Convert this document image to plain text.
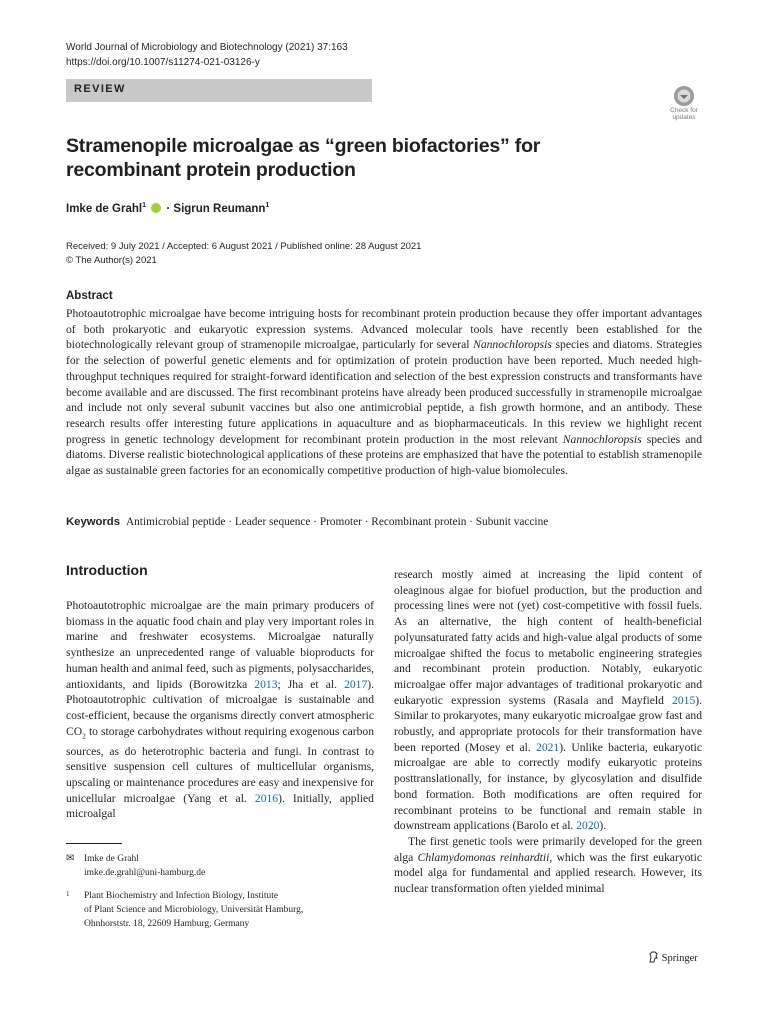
World Journal of Microbiology and Biotechnology (2021) 37:163
https://doi.org/10.1007/s11274-021-03126-y
REVIEW
Check for
updates
Stramenopile microalgae as “green biofactories” for recombinant protein production
Imke de Grahl$^1$  · Sigrun Reumann$^1$
Received: 9 July 2021 / Accepted: 6 August 2021 / Published online: 28 August 2021
© The Author(s) 2021
Abstract
Photoautotrophic microalgae have become intriguing hosts for recombinant protein production because they offer important advantages of both prokaryotic and eukaryotic expression systems. Advanced molecular tools have recently been established for the biotechnologically relevant group of stramenopile microalgae, particularly for several Nannochloropsis species and diatoms. Strategies for the selection of powerful genetic elements and for optimization of protein production have been reported. Much needed high-throughput techniques required for straight-forward identification and selection of the best expression constructs and transformants have become available and are discussed. The first recombinant proteins have already been produced successfully in stramenopile microalgae and include not only several subunit vaccines but also one antimicrobial peptide, a fish growth hormone, and an antibody. These research results offer interesting future applications in aquaculture and as biopharmaceuticals. In this review we highlight recent progress in genetic technology development for recombinant protein production in the most relevant Nannochloropsis species and diatoms. Diverse realistic biotechnological applications of these proteins are emphasized that have the potential to establish stramenopile algae as sustainable green factories for an economically competitive production of high-value biomolecules.
Keywords Antimicrobial peptide · Leader sequence · Promoter · Recombinant protein · Subunit vaccine
Introduction
Photoautotrophic microalgae are the main primary producers of biomass in the aquatic food chain and play very important roles in marine and freshwater ecosystems. Microalgae naturally synthesize an unprecedented range of valuable bioproducts for human health and animal feed, such as pigments, polysaccharides, antioxidants, and lipids (Borowitzka 2013; Jha et al. 2017). Photoautotrophic cultivation of microalgae is sustainable and cost-efficient, because the organisms directly convert atmospheric $CO_2$ to storage carbohydrates without requiring exogenous carbon sources, as do heterotrophic bacteria and fungi. In contrast to sensitive suspension cell cultures of multicellular organisms, upscaling or maintenance procedures are easy and inexpensive for unicellular microalgae (Yang et al. 2016). Initially, applied microalgal
research mostly aimed at increasing the lipid content of oleaginous algae for biofuel production, but the production and processing lines were not (yet) cost-competitive with fossil fuels. As an alternative, the high content of health-beneficial polyunsaturated fatty acids and high-value algal products of some microalgae shifted the focus to metabolic engineering strategies and recombinant protein production. Notably, eukaryotic microalgae offer major advantages of traditional prokaryotic and eukaryotic expression systems (Rasala and Mayfield 2015). Similar to prokaryotes, many eukaryotic microalgae grow fast and robustly, and appropriate protocols for their transformation have been reported (Mosey et al. 2021). Unlike bacteria, eukaryotic microalgae are able to correctly modify eukaryotic proteins posttranslationally, for instance, by glycosylation and disulfide bond formation. Both modifications are often required for recombinant proteins to be functional and remain stable in downstream applications (Barolo et al. 2020).
The first genetic tools were primarily developed for the green alga Chlamydomonas reinhardtii, which was the first eukaryotic model alga for fundamental and applied research. However, its nuclear transformation often yielded minimal
✉ Imke de Grahl
imke.de.grahl@uni-hamburg.de
1 Plant Biochemistry and Infection Biology, Institute
of Plant Science and Microbiology, Universität Hamburg,
Ohnhorststr. 18, 22609 Hamburg, Germany
Springer
